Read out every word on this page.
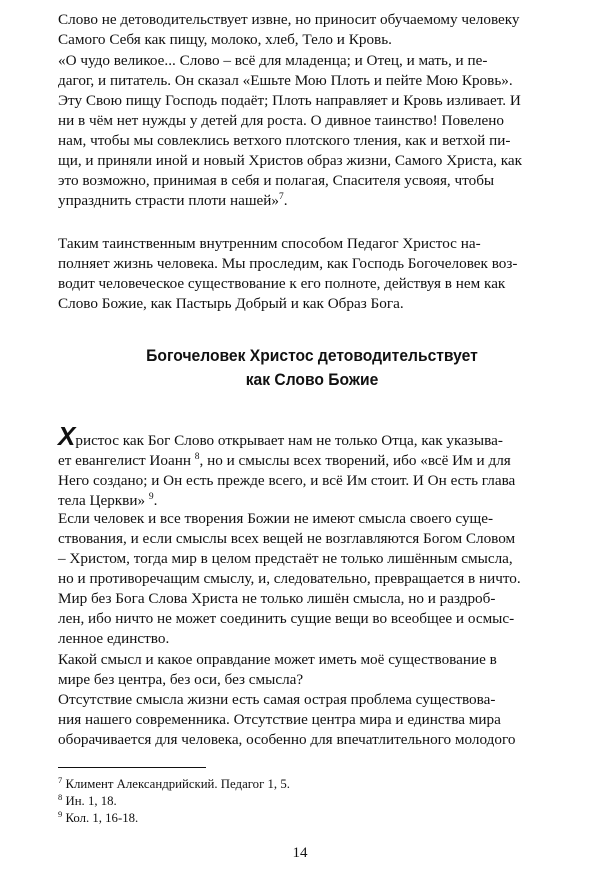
Слово не детоводительствует извне, но приносит обучаемому человеку
Самого Себя как пищу, молоко, хлеб, Тело и Кровь.

«О чудо великое... Слово – всё для младенца; и Отец, и мать, и пе-
дагог, и питатель. Он сказал «Ешьте Мою Плоть и пейте Мою Кровь».
Эту Свою пищу Господь подаёт; Плоть направляет и Кровь изливает. И
ни в чём нет нужды у детей для роста. О дивное таинство! Повелено
нам, чтобы мы совлеклись ветхого плотского тления, как и ветхой пи-
щи, и приняли иной и новый Христов образ жизни, Самого Христа, как
это возможно, принимая в себя и полагая, Спасителя усвояя, чтобы
упразднить страсти плоти нашей»$^7$.

Таким таинственным внутренним способом Педагог Христос на-
полняет жизнь человека. Мы проследим, как Господь Богочеловек воз-
водит человеческое существование к его полноте, действуя в нем как
Слово Божие, как Пастырь Добрый и как Образ Бога.

Богочеловек Христос детоводительствует
как Слово Божие

Христос как Бог Слово открывает нам не только Отца, как указыва-
ет евангелист Иоанн $^8$, но и смыслы всех творений, ибо «всё Им и для
Него создано; и Он есть прежде всего, и всё Им стоит. И Он есть глава
тела Церкви» $^9$.

Если человек и все творения Божии не имеют смысла своего суще-
ствования, и если смыслы всех вещей не возглавляются Богом Словом
– Христом, тогда мир в целом предстаёт не только лишённым смысла,
но и противоречащим смыслу, и, следовательно, превращается в ничто.

Мир без Бога Слова Христа не только лишён смысла, но и раздроб-
лен, ибо ничто не может соединить сущие вещи во всеобщее и осмыс-
ленное единство.

Какой смысл и какое оправдание может иметь моё существование в
мире без центра, без оси, без смысла?

Отсутствие смысла жизни есть самая острая проблема существова-
ния нашего современника. Отсутствие центра мира и единства мира
оборачивается для человека, особенно для впечатлительного молодого

$^7$ Климент Александрийский. Педагог 1, 5.

$^8$ Ин. 1, 18.

$^9$ Кол. 1, 16-18.

14
